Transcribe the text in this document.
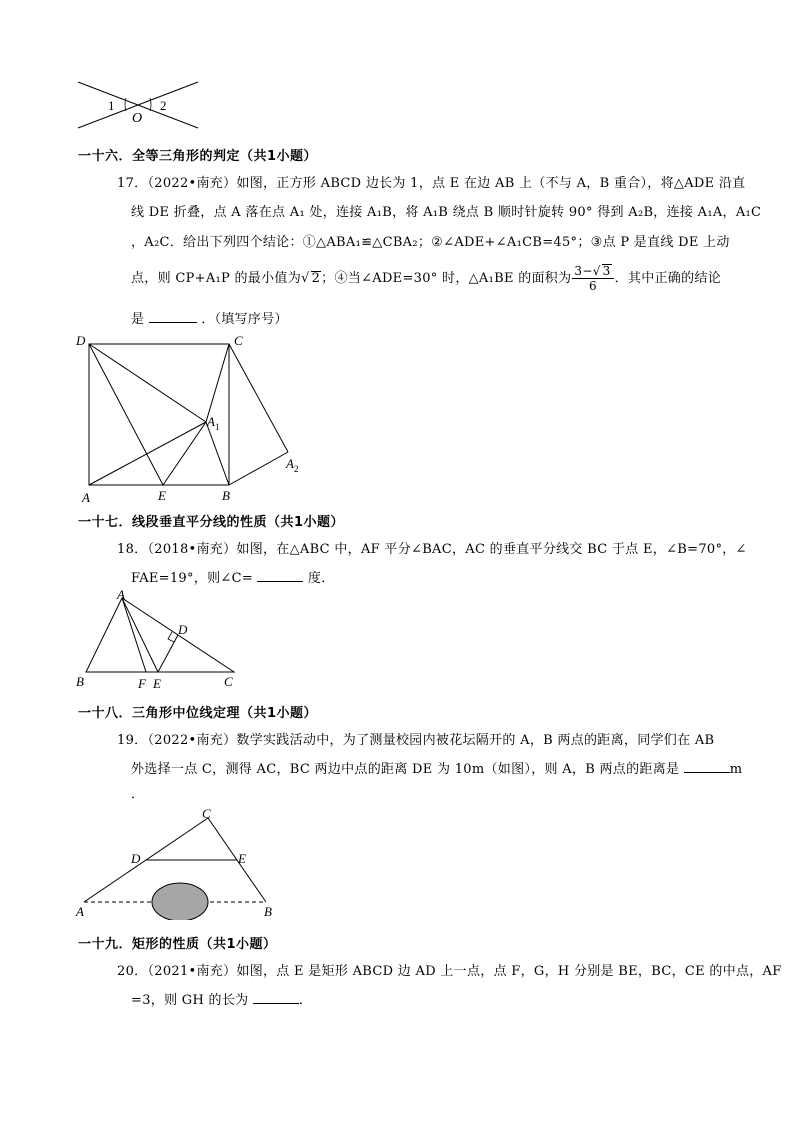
1
O
2
一十六．全等三角形的判定（共1小题）
17．（2022•南充）如图，正方形 ABCD 边长为 1，点 E 在边 AB 上（不与 A，B 重合），将△ADE 沿直
线 DE 折叠，点 A 落在点 A₁ 处，连接 A₁B，将 A₁B 绕点 B 顺时针旋转 90° 得到 A₂B，连接 A₁A，A₁C
，A₂C．给出下列四个结论：①△ABA₁≌△CBA₂；②∠ADE+∠A₁CB=45°；③点 P 是直线 DE 上动
点，则 CP+A₁P 的最小值为√ 2；④当∠ADE=30° 时，△A₁BE 的面积为 $\frac{3-√ 3}{6}$ ．其中正确的结论
是	．（填写序号）
D	C
$A_1$
$A_2$
A	E	B
一十七．线段垂直平分线的性质（共1小题）
18．（2018•南充）如图，在△ABC 中，AF 平分∠BAC，AC 的垂直平分线交 BC 于点 E，∠B=70°，∠
FAE=19°，则∠C=	度．
A
D
B	F E	C
一十八．三角形中位线定理（共1小题）
19．（2022•南充）数学实践活动中，为了测量校园内被花坛隔开的 A，B 两点的距离，同学们在 AB
外选择一点 C，测得 AC，BC 两边中点的距离 DE 为 10m（如图），则 A，B 两点的距离是	m
．
C
D	E
A	B
一十九．矩形的性质（共1小题）
20．（2021•南充）如图，点 E 是矩形 ABCD 边 AD 上一点，点 F，G，H 分别是 BE，BC，CE 的中点，AF
=3，则 GH 的长为	．
